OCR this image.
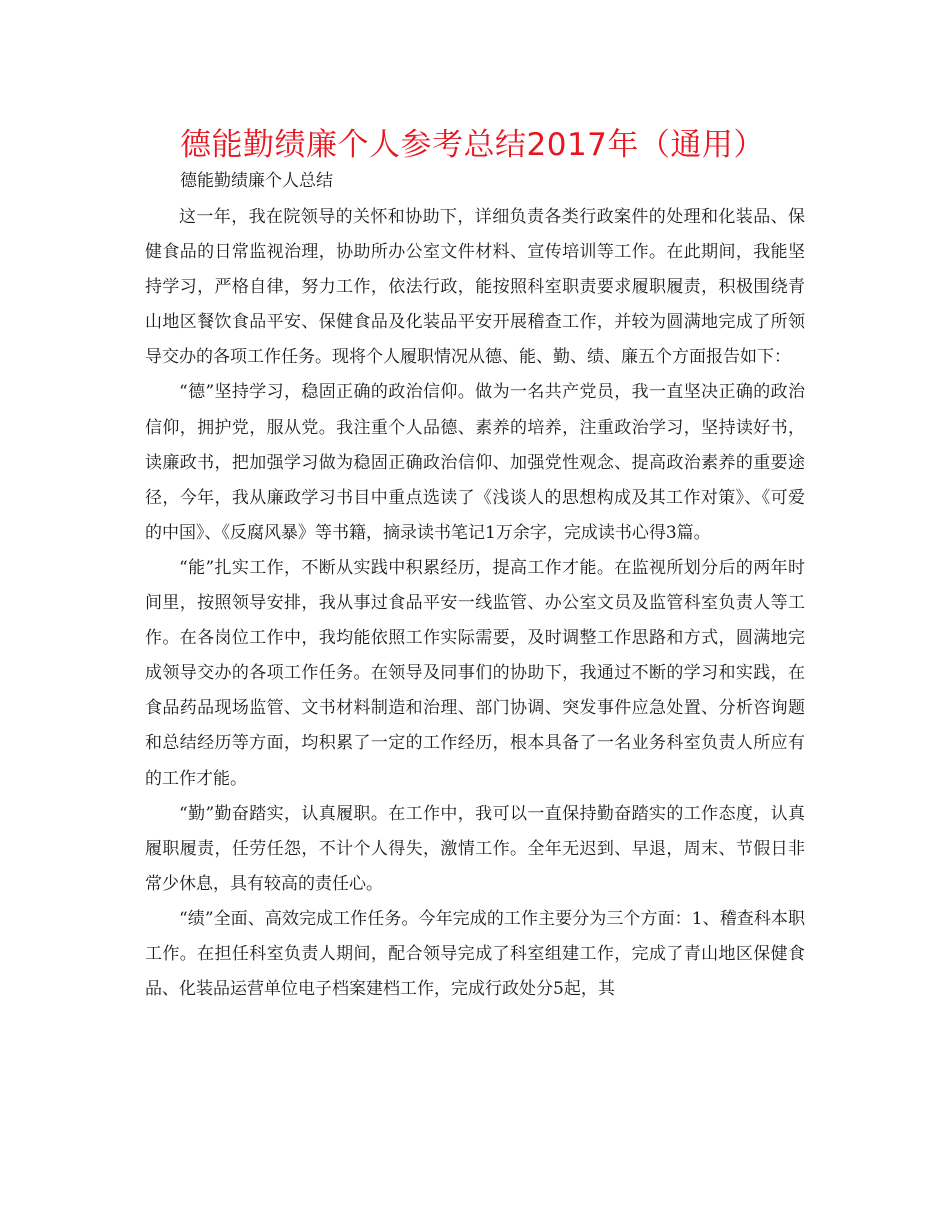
德能勤绩廉个人参考总结2017年（通用）
德能勤绩廉个人总结

这一年，我在院领导的关怀和协助下，详细负责各类行政案件的处理和化装品、保健食品的日常监视治理，协助所办公室文件材料、宣传培训等工作。在此期间，我能坚持学习，严格自律，努力工作，依法行政，能按照科室职责要求履职履责，积极围绕青山地区餐饮食品平安、保健食品及化装品平安开展稽查工作，并较为圆满地完成了所领导交办的各项工作任务。现将个人履职情况从德、能、勤、绩、廉五个方面报告如下：

“德”坚持学习，稳固正确的政治信仰。做为一名共产党员，我一直坚决正确的政治信仰，拥护党，服从党。我注重个人品德、素养的培养，注重政治学习，坚持读好书，读廉政书，把加强学习做为稳固正确政治信仰、加强党性观念、提高政治素养的重要途径，今年，我从廉政学习书目中重点选读了《浅谈人的思想构成及其工作对策》、《可爱的中国》、《反腐风暴》等书籍，摘录读书笔记1万余字，完成读书心得3篇。

“能”扎实工作，不断从实践中积累经历，提高工作才能。在监视所划分后的两年时间里，按照领导安排，我从事过食品平安一线监管、办公室文员及监管科室负责人等工作。在各岗位工作中，我均能依照工作实际需要，及时调整工作思路和方式，圆满地完成领导交办的各项工作任务。在领导及同事们的协助下，我通过不断的学习和实践，在食品药品现场监管、文书材料制造和治理、部门协调、突发事件应急处置、分析咨询题和总结经历等方面，均积累了一定的工作经历，根本具备了一名业务科室负责人所应有的工作才能。

“勤”勤奋踏实，认真履职。在工作中，我可以一直保持勤奋踏实的工作态度，认真履职履责，任劳任怨，不计个人得失，激情工作。全年无迟到、早退，周末、节假日非常少休息，具有较高的责任心。

“绩”全面、高效完成工作任务。今年完成的工作主要分为三个方面：1、稽查科本职工作。在担任科室负责人期间，配合领导完成了科室组建工作，完成了青山地区保健食品、化装品运营单位电子档案建档工作，完成行政处分5起，其
